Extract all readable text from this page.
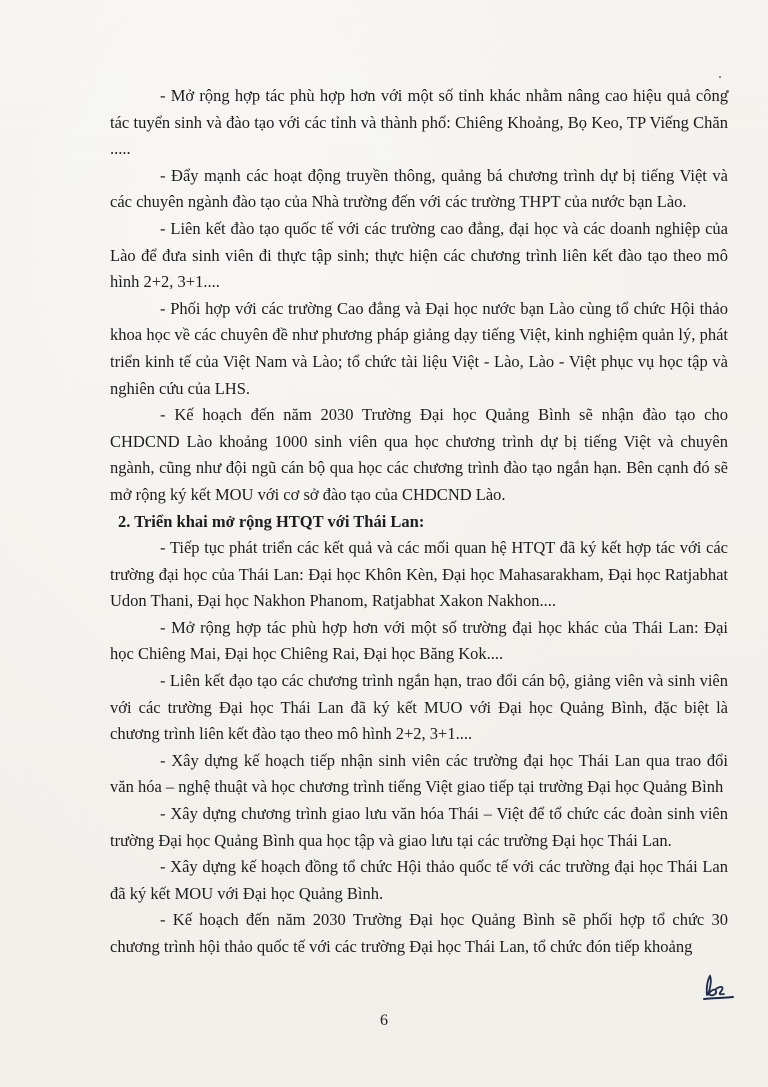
- Mở rộng hợp tác phù hợp hơn với một số tỉnh khác nhằm nâng cao hiệu quả công tác tuyển sinh và đào tạo với các tỉnh và thành phố: Chiêng Khoảng, Bọ Keo, TP Viếng Chăn .....

- Đẩy mạnh các hoạt động truyền thông, quảng bá chương trình dự bị tiếng Việt và các chuyên ngành đào tạo của Nhà trường đến với các trường THPT của nước bạn Lào.

- Liên kết đào tạo quốc tế với các trường cao đẳng, đại học và các doanh nghiệp của Lào để đưa sinh viên đi thực tập sinh; thực hiện các chương trình liên kết đào tạo theo mô hình 2+2, 3+1....

- Phối hợp với các trường Cao đẳng và Đại học nước bạn Lào cùng tổ chức Hội thảo khoa học về các chuyên đề như phương pháp giảng dạy tiếng Việt, kinh nghiệm quản lý, phát triển kinh tế của Việt Nam và Lào; tổ chức tài liệu Việt - Lào, Lào - Việt phục vụ học tập và nghiên cứu của LHS.

- Kế hoạch đến năm 2030 Trường Đại học Quảng Bình sẽ nhận đào tạo cho CHDCND Lào khoảng 1000 sinh viên qua học chương trình dự bị tiếng Việt và chuyên ngành, cũng như đội ngũ cán bộ qua học các chương trình đào tạo ngắn hạn. Bên cạnh đó sẽ mở rộng ký kết MOU với cơ sở đào tạo của CHDCND Lào.

2. Triển khai mở rộng HTQT với Thái Lan:

- Tiếp tục phát triển các kết quả và các mối quan hệ HTQT đã ký kết hợp tác với các trường đại học của Thái Lan: Đại học Khôn Kèn, Đại học Mahasarakham, Đại học Ratjabhat Udon Thani, Đại học Nakhon Phanom, Ratjabhat Xakon Nakhon....

- Mở rộng hợp tác phù hợp hơn với một số trường đại học khác của Thái Lan: Đại học Chiêng Mai, Đại học Chiêng Rai, Đại học Băng Kok....

- Liên kết đạo tạo các chương trình ngắn hạn, trao đổi cán bộ, giảng viên và sinh viên với các trường Đại học Thái Lan đã ký kết MUO với Đại học Quảng Bình, đặc biệt là chương trình liên kết đào tạo theo mô hình 2+2, 3+1....

- Xây dựng kế hoạch tiếp nhận sinh viên các trường đại học Thái Lan qua trao đổi văn hóa – nghệ thuật và học chương trình tiếng Việt giao tiếp tại trường Đại học Quảng Bình

- Xây dựng chương trình giao lưu văn hóa Thái – Việt để tổ chức các đoàn sinh viên trường Đại học Quảng Bình qua học tập và giao lưu tại các trường Đại học Thái Lan.

- Xây dựng kế hoạch đồng tổ chức Hội thảo quốc tế với các trường đại học Thái Lan đã ký kết MOU với Đại học Quảng Bình.

- Kế hoạch đến năm 2030 Trường Đại học Quảng Bình sẽ phối hợp tổ chức 30 chương trình hội thảo quốc tế với các trường Đại học Thái Lan, tổ chức đón tiếp khoảng

6
